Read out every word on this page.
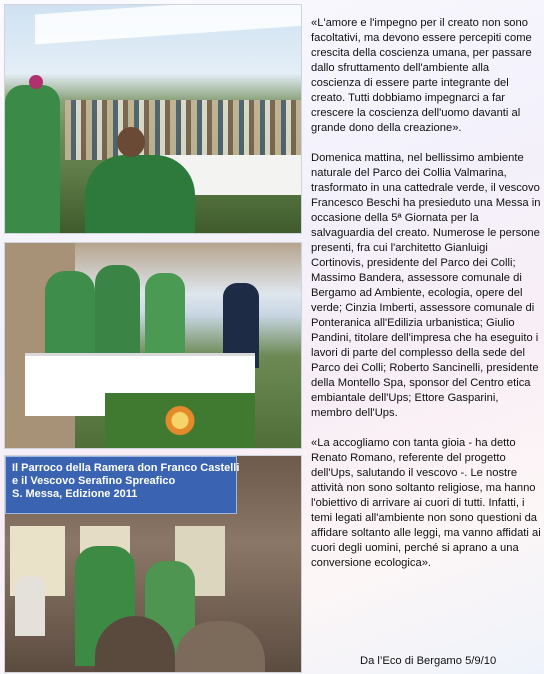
Il Parroco della Ramera don Franco Castelli
e il Vescovo Serafino Spreafico
S. Messa, Edizione 2011

«L'amore e l'impegno per il creato non sono facoltativi, ma devono essere percepiti come crescita della coscienza umana, per passare dallo sfruttamento dell'ambiente alla coscienza di essere parte integrante del creato. Tutti dobbiamo impegnarci a far crescere la coscienza dell'uomo davanti al grande dono della creazione».

Domenica mattina, nel bellissimo ambiente naturale del Parco dei Collia Valmarina, trasformato in una cattedrale verde, il vescovo Francesco Beschi ha presieduto una Messa in occasione della 5ª Giornata per la salvaguardia del creato. Numerose le persone presenti, fra cui l'architetto Gianluigi Cortinovis, presidente del Parco dei Colli; Massimo Bandera, assessore comunale di Bergamo ad Ambiente, ecologia, opere del verde; Cinzia Imberti, assessore comunale di Ponteranica all'Edilizia urbanistica; Giulio Pandini, titolare dell'impresa che ha eseguito i lavori di parte del complesso della sede del Parco dei Colli; Roberto Sancinelli, presidente della Montello Spa, sponsor del Centro etica embiantale dell'Ups; Ettore Gasparini, membro dell'Ups.

«La accogliamo con tanta gioia - ha detto Renato Romano, referente del progetto dell'Ups, salutando il vescovo -. Le nostre attività non sono soltanto religiose, ma hanno l'obiettivo di arrivare ai cuori di tutti. Infatti, i temi legati all'ambiente non sono questioni da affidare soltanto alle leggi, ma vanno affidati ai cuori degli uomini, perché si aprano a una conversione ecologica».

Da l’Eco di Bergamo 5/9/10
